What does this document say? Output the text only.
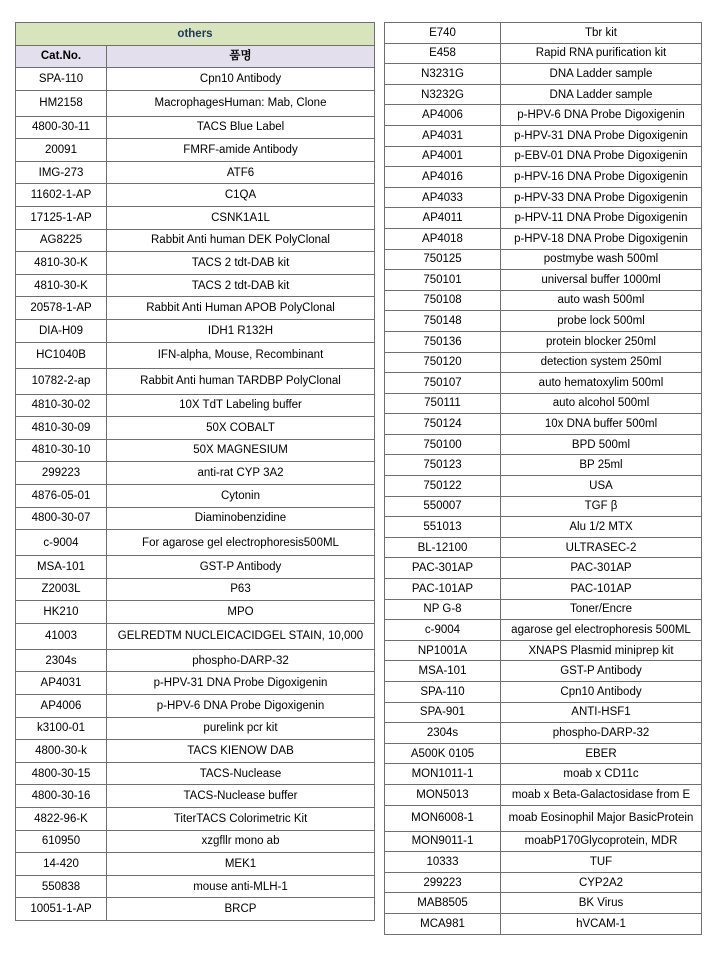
others	
Cat.No.	품명
SPA-110	Cpn10 Antibody
HM2158	MacrophagesHuman: Mab, Clone
4800-30-11	TACS Blue Label
20091	FMRF-amide Antibody
IMG-273	ATF6
11602-1-AP	C1QA
17125-1-AP	CSNK1A1L
AG8225	Rabbit Anti human DEK PolyClonal
4810-30-K	TACS 2 tdt-DAB kit
4810-30-K	TACS 2 tdt-DAB kit
20578-1-AP	Rabbit Anti Human APOB PolyClonal
DIA-H09	IDH1 R132H
HC1040B	IFN-alpha, Mouse, Recombinant
10782-2-ap	Rabbit Anti human TARDBP PolyClonal
4810-30-02	10X TdT Labeling buffer
4810-30-09	50X COBALT
4810-30-10	50X MAGNESIUM
299223	anti-rat CYP 3A2
4876-05-01	Cytonin
4800-30-07	Diaminobenzidine
c-9004	For agarose gel electrophoresis500ML
MSA-101	GST-P Antibody
Z2003L	P63
HK210	MPO
41003	GELREDTM NUCLEICACIDGEL STAIN, 10,000
2304s	phospho-DARP-32
AP4031	p-HPV-31 DNA Probe Digoxigenin
AP4006	p-HPV-6 DNA Probe Digoxigenin
k3100-01	purelink pcr kit
4800-30-k	TACS KIENOW DAB
4800-30-15	TACS-Nuclease
4800-30-16	TACS-Nuclease buffer
4822-96-K	TiterTACS Colorimetric Kit
610950	xzgfllr mono ab
14-420	MEK1
550838	mouse anti-MLH-1
10051-1-AP	BRCP
E740	Tbr kit
E458	Rapid RNA purification kit
N3231G	DNA Ladder sample
N3232G	DNA Ladder sample
AP4006	p-HPV-6 DNA Probe Digoxigenin
AP4031	p-HPV-31 DNA Probe Digoxigenin
AP4001	p-EBV-01 DNA Probe Digoxigenin
AP4016	p-HPV-16 DNA Probe Digoxigenin
AP4033	p-HPV-33 DNA Probe Digoxigenin
AP4011	p-HPV-11 DNA Probe Digoxigenin
AP4018	p-HPV-18 DNA Probe Digoxigenin
750125	postmybe wash 500ml
750101	universal buffer 1000ml
750108	auto wash 500ml
750148	probe lock 500ml
750136	protein blocker 250ml
750120	detection system 250ml
750107	auto hematoxylim 500ml
750111	auto alcohol 500ml
750124	10x DNA buffer 500ml
750100	BPD 500ml
750123	BP 25ml
750122	USA
550007	TGF β
551013	Alu 1/2 MTX
BL-12100	ULTRASEC-2
PAC-301AP	PAC-301AP
PAC-101AP	PAC-101AP
NP G-8	Toner/Encre
c-9004	agarose gel electrophoresis 500ML
NP1001A	XNAPS Plasmid miniprep kit
MSA-101	GST-P Antibody
SPA-110	Cpn10 Antibody
SPA-901	ANTI-HSF1
2304s	phospho-DARP-32
A500K 0105	EBER
MON1011-1	moab x CD11c
MON5013	moab x Beta-Galactosidase from E
MON6008-1	moab Eosinophil Major BasicProtein
MON9011-1	moabP170Glycoprotein, MDR
10333	TUF
299223	CYP2A2
MAB8505	BK Virus
MCA981	hVCAM-1
